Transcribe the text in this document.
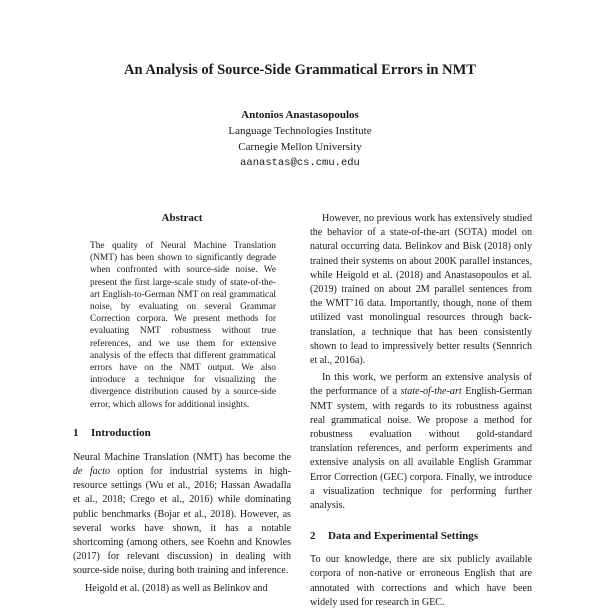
An Analysis of Source-Side Grammatical Errors in NMT
Antonios Anastasopoulos
Language Technologies Institute
Carnegie Mellon University
aanastas@cs.cmu.edu
Abstract

The quality of Neural Machine Translation (NMT) has been shown to significantly degrade when confronted with source-side noise. We present the first large-scale study of state-of-the-art English-to-German NMT on real grammatical noise, by evaluating on several Grammar Correction corpora. We present methods for evaluating NMT robustness without true references, and we use them for extensive analysis of the effects that different grammatical errors have on the NMT output. We also introduce a technique for visualizing the divergence distribution caused by a source-side error, which allows for additional insights.

1 Introduction

Neural Machine Translation (NMT) has become the de facto option for industrial systems in high-resource settings (Wu et al., 2016; Hassan Awadalla et al., 2018; Crego et al., 2016) while dominating public benchmarks (Bojar et al., 2018). However, as several works have shown, it has a notable shortcoming (among others, see Koehn and Knowles (2017) for relevant discussion) in dealing with source-side noise, during both training and inference.

Heigold et al. (2018) as well as Belinkov and

However, no previous work has extensively studied the behavior of a state-of-the-art (SOTA) model on natural occurring data. Belinkov and Bisk (2018) only trained their systems on about 200K parallel instances, while Heigold et al. (2018) and Anastasopoulos et al. (2019) trained on about 2M parallel sentences from the WMT’16 data. Importantly, though, none of them utilized vast monolingual resources through back-translation, a technique that has been consistently shown to lead to impressively better results (Sennrich et al., 2016a).

In this work, we perform an extensive analysis of the performance of a state-of-the-art English-German NMT system, with regards to its robustness against real grammatical noise. We propose a method for robustness evaluation without gold-standard translation references, and perform experiments and extensive analysis on all available English Grammar Error Correction (GEC) corpora. Finally, we introduce a visualization technique for performing further analysis.

2 Data and Experimental Settings

To our knowledge, there are six publicly available corpora of non-native or erroneous English that are annotated with corrections and which have been widely used for research in GEC.
